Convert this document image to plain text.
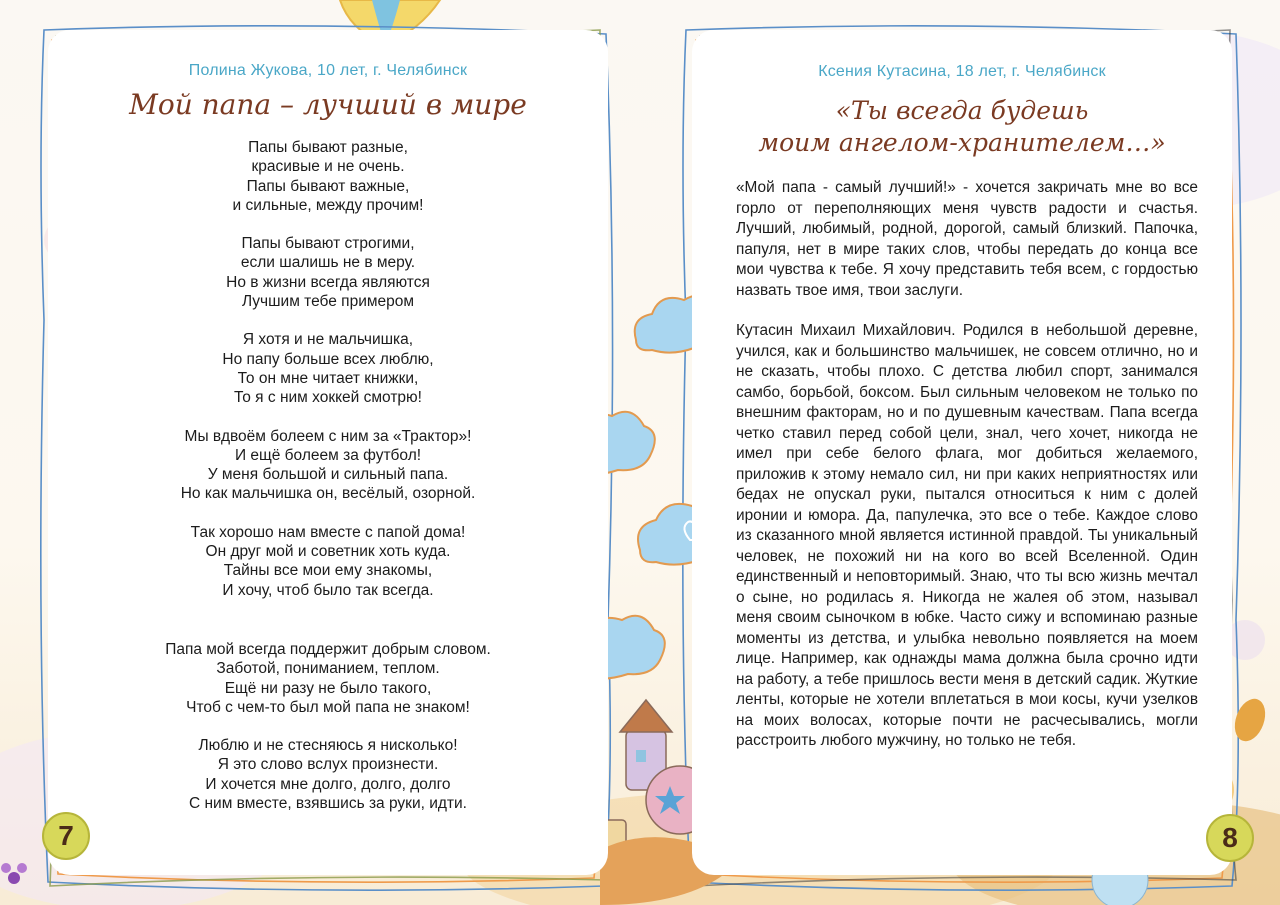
Полина Жукова, 10 лет, г. Челябинск
Мой папа – лучший в мире
Папы бывают разные,
красивые и не очень.
Папы бывают важные,
и сильные, между прочим!
Папы бывают строгими,
если шалишь не в меру.
Но в жизни всегда являются
Лучшим тебе примером
Я хотя и не мальчишка,
Но папу больше всех люблю,
То он мне читает книжки,
То я с ним хоккей смотрю!
Мы вдвоём болеем с ним за «Трактор»!
И ещё болеем за футбол!
У меня большой и сильный папа.
Но как мальчишка он, весёлый, озорной.
Так хорошо нам вместе с папой дома!
Он друг мой и советник хоть куда.
Тайны все мои ему знакомы,
И хочу, чтоб было так всегда.
Папа мой всегда поддержит добрым словом.
Заботой, пониманием, теплом.
Ещё ни разу не было такого,
Чтоб с чем-то был мой папа не знаком!
Люблю и не стесняюсь я нисколько!
Я это слово вслух произнести.
И хочется мне долго, долго, долго
С ним вместе, взявшись за руки, идти.
7
Ксения Кутасина, 18 лет, г. Челябинск
«Ты всегда будешь
моим ангелом-хранителем…»

«Мой папа - самый лучший!» - хочется закричать мне во все горло от переполняющих меня чувств радости и счастья. Лучший, любимый, родной, дорогой, самый близкий. Папочка, папуля, нет в мире таких слов, чтобы передать до конца все мои чувства к тебе. Я хочу представить тебя всем, с гордостью назвать твое имя, твои заслуги.

Кутасин Михаил Михайлович. Родился в небольшой деревне, учился, как и большинство мальчишек, не совсем отлично, но и не сказать, чтобы плохо. С детства любил спорт, занимался самбо, борьбой, боксом. Был сильным человеком не только по внешним факторам, но и по душевным качествам. Папа всегда четко ставил перед собой цели, знал, чего хочет, никогда не имел при себе белого флага, мог добиться желаемого, приложив к этому немало сил, ни при каких неприятностях или бедах не опускал руки, пытался относиться к ним с долей иронии и юмора. Да, папулечка, это все о тебе. Каждое слово из сказанного мной является истинной правдой. Ты уникальный человек, не похожий ни на кого во всей Вселенной. Один единственный и неповторимый. Знаю, что ты всю жизнь мечтал о сыне, но родилась я. Никогда не жалея об этом, называл меня своим сыночком в юбке. Часто сижу и вспоминаю разные моменты из детства, и улыбка невольно появляется на моем лице. Например, как однажды мама должна была срочно идти на работу, а тебе пришлось вести меня в детский садик. Жуткие ленты, которые не хотели вплетаться в мои косы, кучи узелков на моих волосах, которые почти не расчесывались, могли расстроить любого мужчину, но только не тебя.

8
